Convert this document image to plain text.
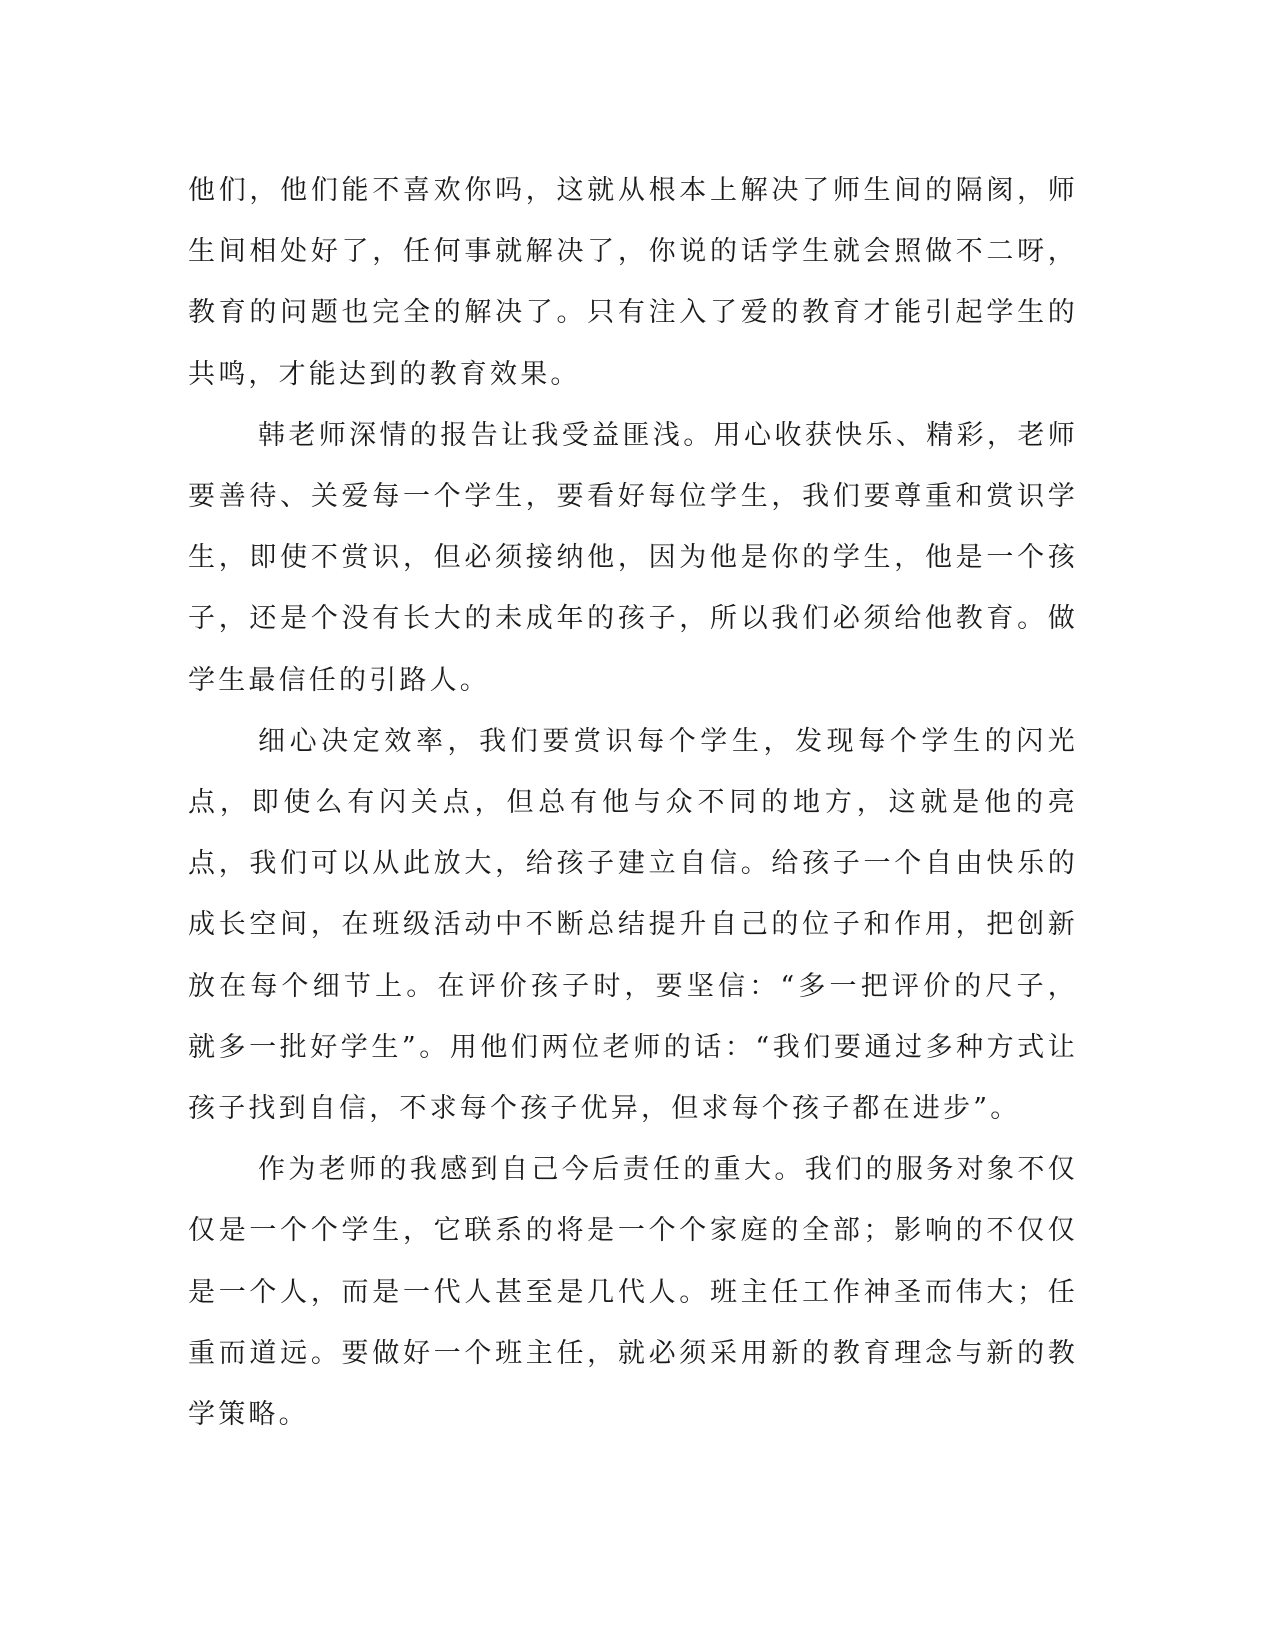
他们，他们能不喜欢你吗，这就从根本上解决了师生间的隔阂，师生间相处好了，任何事就解决了，你说的话学生就会照做不二呀，教育的问题也完全的解决了。只有注入了爱的教育才能引起学生的共鸣，才能达到的教育效果。

韩老师深情的报告让我受益匪浅。用心收获快乐、精彩，老师要善待、关爱每一个学生，要看好每位学生，我们要尊重和赏识学生，即使不赏识，但必须接纳他，因为他是你的学生，他是一个孩子，还是个没有长大的未成年的孩子，所以我们必须给他教育。做学生最信任的引路人。

细心决定效率，我们要赏识每个学生，发现每个学生的闪光点，即使么有闪关点，但总有他与众不同的地方，这就是他的亮点，我们可以从此放大，给孩子建立自信。给孩子一个自由快乐的成长空间，在班级活动中不断总结提升自己的位子和作用，把创新放在每个细节上。在评价孩子时，要坚信：“多一把评价的尺子，就多一批好学生”。用他们两位老师的话：“我们要通过多种方式让孩子找到自信，不求每个孩子优异，但求每个孩子都在进步”。

作为老师的我感到自己今后责任的重大。我们的服务对象不仅仅是一个个学生，它联系的将是一个个家庭的全部；影响的不仅仅是一个人，而是一代人甚至是几代人。班主任工作神圣而伟大；任重而道远。要做好一个班主任，就必须采用新的教育理念与新的教学策略。
